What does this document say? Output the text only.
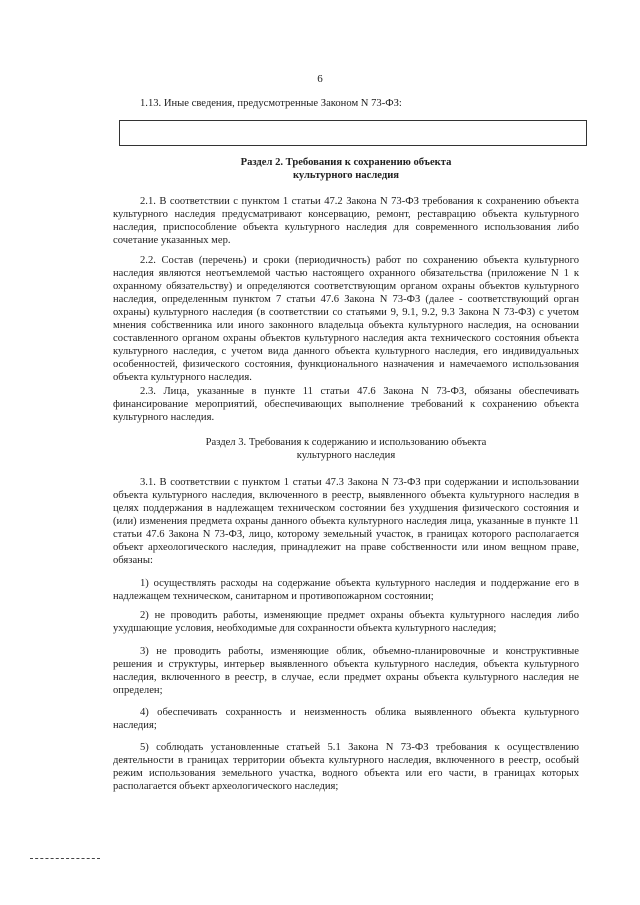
6
1.13. Иные сведения, предусмотренные Законом N 73-ФЗ:
Раздел 2. Требования к сохранению объекта
культурного наследия
2.1. В соответствии с пунктом 1 статьи 47.2 Закона N 73-ФЗ требования к сохранению объекта культурного наследия предусматривают консервацию, ремонт, реставрацию объекта культурного наследия, приспособление объекта культурного наследия для современного использования либо сочетание указанных мер.
2.2. Состав (перечень) и сроки (периодичность) работ по сохранению объекта культурного наследия являются неотъемлемой частью настоящего охранного обязательства (приложение N 1 к охранному обязательству) и определяются соответствующим органом охраны объектов культурного наследия, определенным пунктом 7 статьи 47.6 Закона N 73-ФЗ (далее - соответствующий орган охраны) культурного наследия (в соответствии со статьями 9, 9.1, 9.2, 9.3 Закона N 73-ФЗ) с учетом мнения собственника или иного законного владельца объекта культурного наследия, на основании составленного органом охраны объектов культурного наследия акта технического состояния объекта культурного наследия, с учетом вида данного объекта культурного наследия, его индивидуальных особенностей, физического состояния, функционального назначения и намечаемого использования объекта культурного наследия.
2.3. Лица, указанные в пункте 11 статьи 47.6 Закона N 73-ФЗ, обязаны обеспечивать финансирование мероприятий, обеспечивающих выполнение требований к сохранению объекта культурного наследия.
Раздел 3. Требования к содержанию и использованию объекта
культурного наследия
3.1. В соответствии с пунктом 1 статьи 47.3 Закона N 73-ФЗ при содержании и использовании объекта культурного наследия, включенного в реестр, выявленного объекта культурного наследия в целях поддержания в надлежащем техническом состоянии без ухудшения физического состояния и (или) изменения предмета охраны данного объекта культурного наследия лица, указанные в пункте 11 статьи 47.6 Закона N 73-ФЗ, лицо, которому земельный участок, в границах которого располагается объект археологического наследия, принадлежит на праве собственности или ином вещном праве, обязаны:
1) осуществлять расходы на содержание объекта культурного наследия и поддержание его в надлежащем техническом, санитарном и противопожарном состоянии;
2) не проводить работы, изменяющие предмет охраны объекта культурного наследия либо ухудшающие условия, необходимые для сохранности объекта культурного наследия;
3) не проводить работы, изменяющие облик, объемно-планировочные и конструктивные решения и структуры, интерьер выявленного объекта культурного наследия, объекта культурного наследия, включенного в реестр, в случае, если предмет охраны объекта культурного наследия не определен;
4) обеспечивать сохранность и неизменность облика выявленного объекта культурного наследия;
5) соблюдать установленные статьей 5.1 Закона N 73-ФЗ требования к осуществлению деятельности в границах территории объекта культурного наследия, включенного в реестр, особый режим использования земельного участка, водного объекта или его части, в границах которых располагается объект археологического наследия;
